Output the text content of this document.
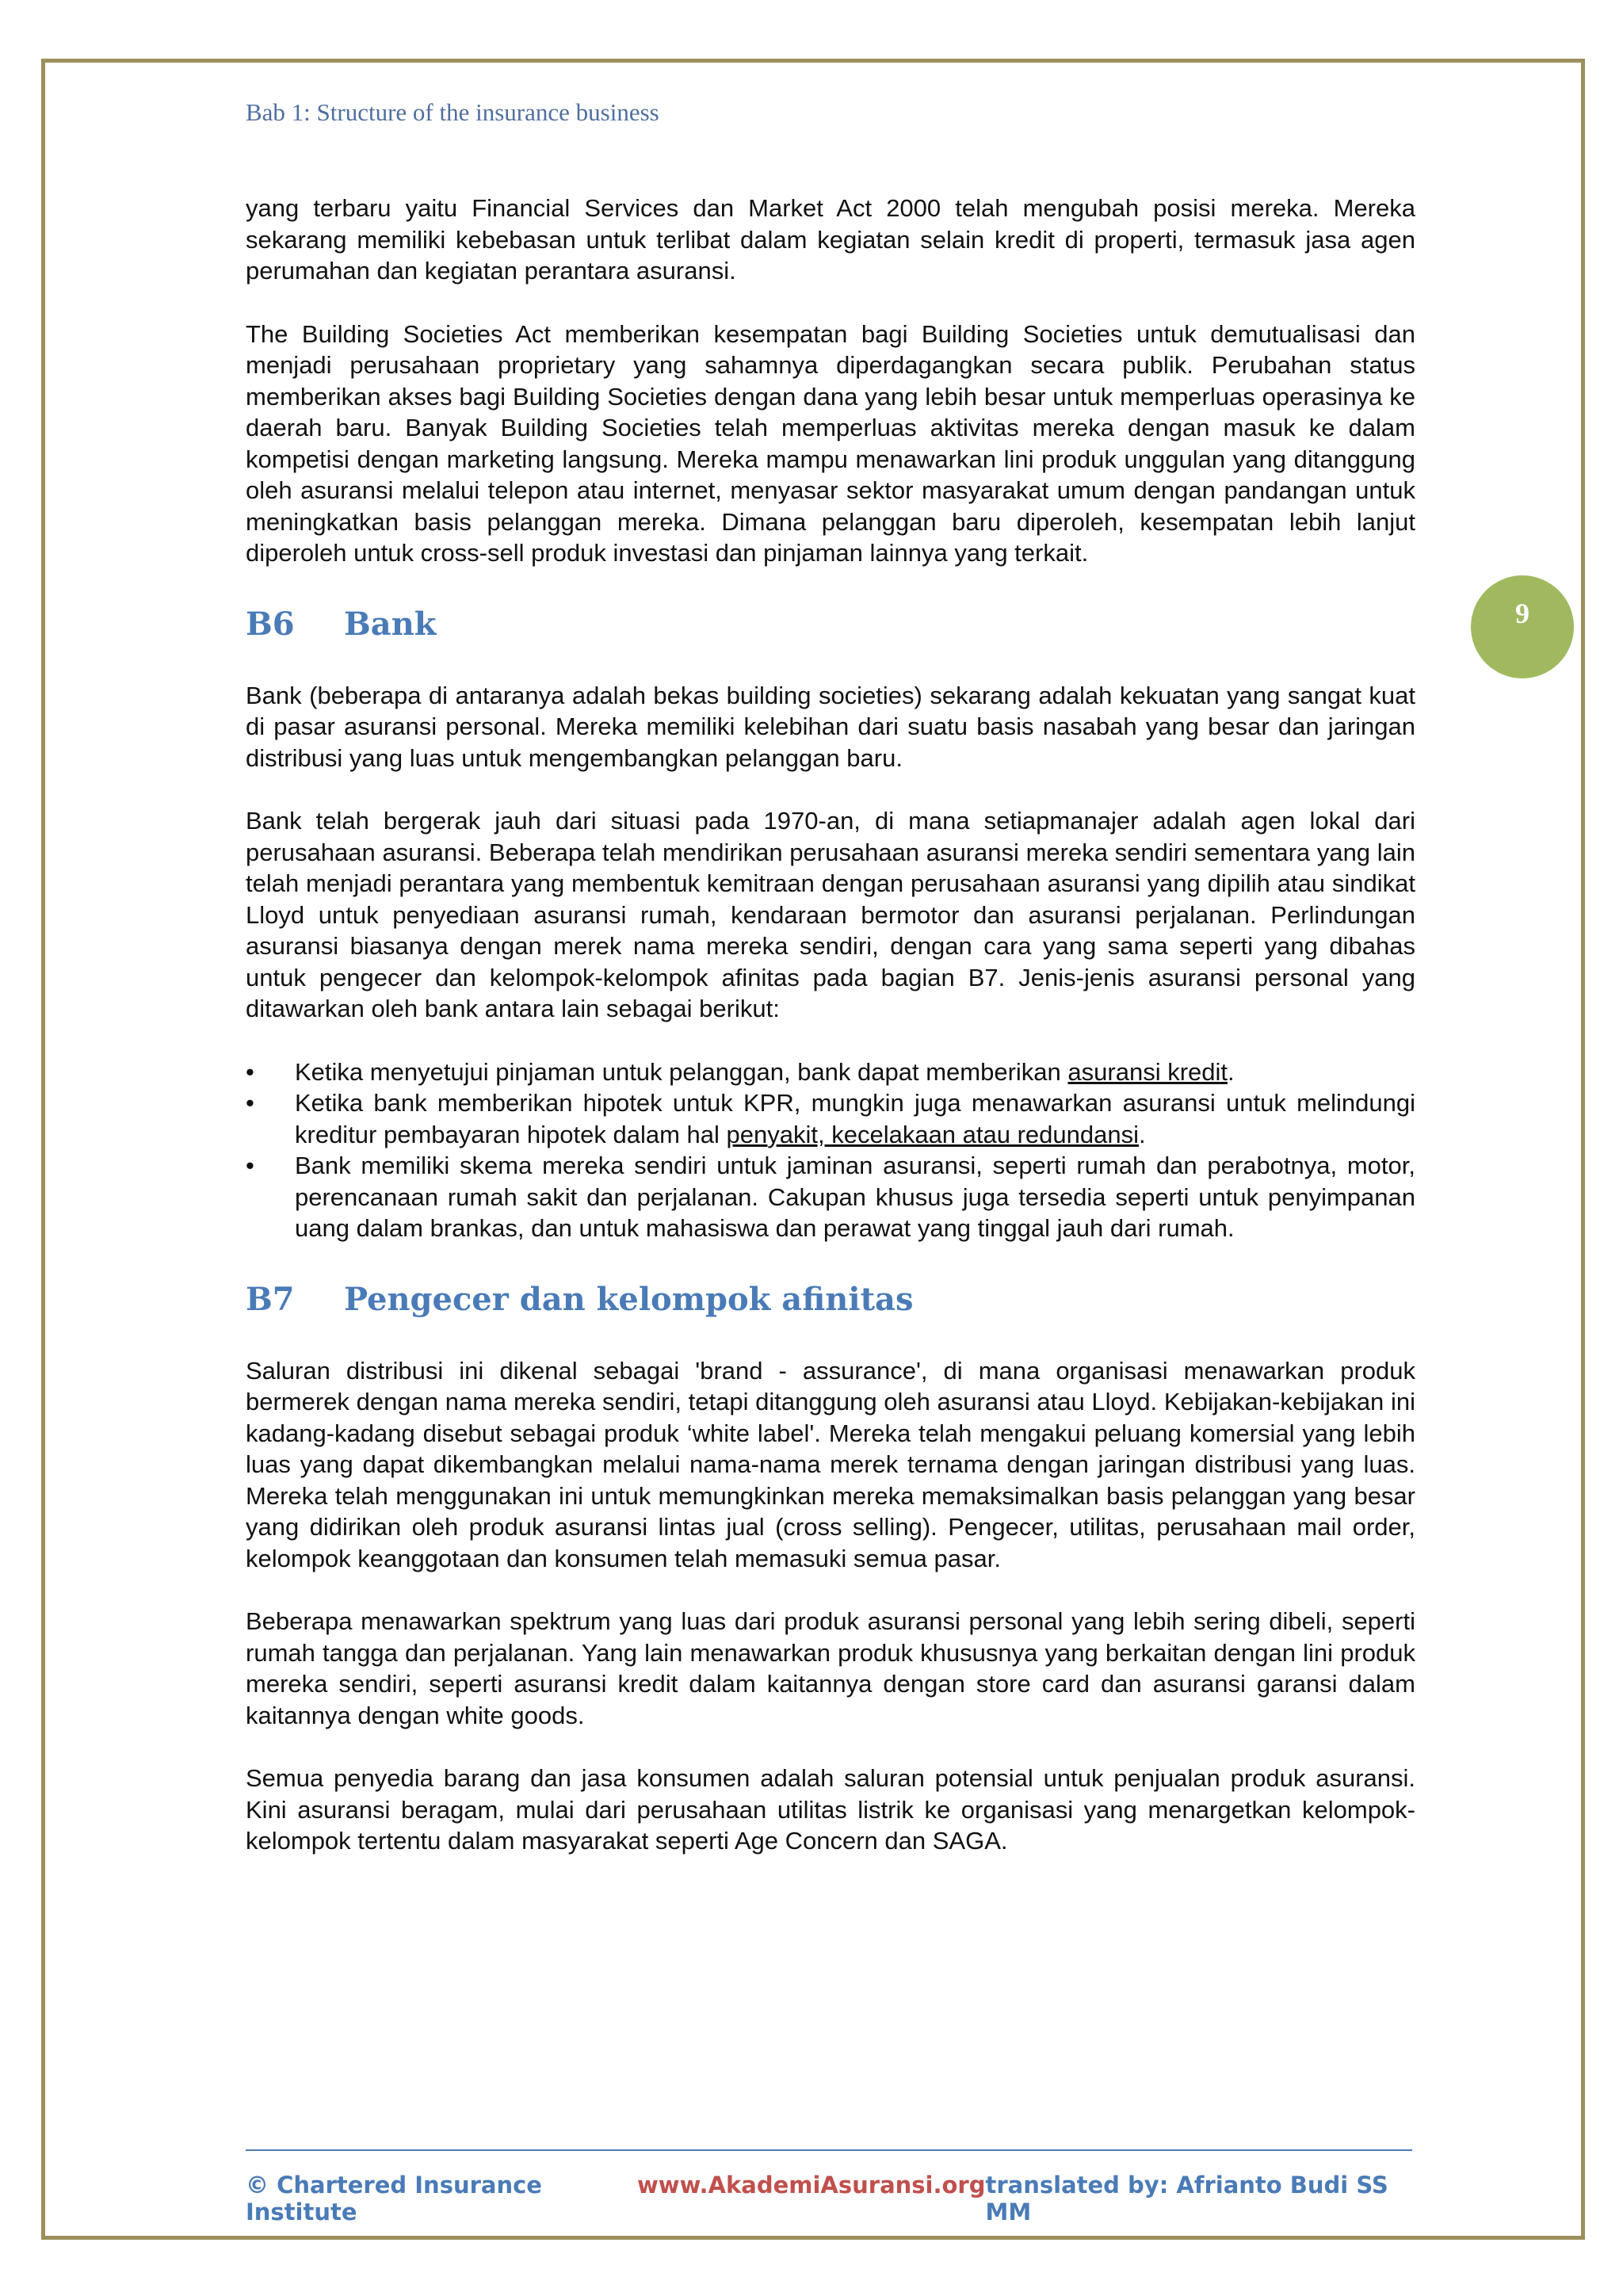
Bab 1: Structure of the insurance business
9

yang terbaru yaitu Financial Services dan Market Act 2000 telah mengubah posisi mereka. Mereka sekarang memiliki kebebasan untuk terlibat dalam kegiatan selain kredit di properti, termasuk jasa agen perumahan dan kegiatan perantara asuransi.

The Building Societies Act memberikan kesempatan bagi Building Societies untuk demutualisasi dan menjadi perusahaan proprietary yang sahamnya diperdagangkan secara publik. Perubahan status memberikan akses bagi Building Societies dengan dana yang lebih besar untuk memperluas operasinya ke daerah baru. Banyak Building Societies telah memperluas aktivitas mereka dengan masuk ke dalam kompetisi dengan marketing langsung. Mereka mampu menawarkan lini produk unggulan yang ditanggung oleh asuransi melalui telepon atau internet, menyasar sektor masyarakat umum dengan pandangan untuk meningkatkan basis pelanggan mereka. Dimana pelanggan baru diperoleh, kesempatan lebih lanjut diperoleh untuk cross-sell produk investasi dan pinjaman lainnya yang terkait.

B6 Bank

Bank (beberapa di antaranya adalah bekas building societies) sekarang adalah kekuatan yang sangat kuat di pasar asuransi personal. Mereka memiliki kelebihan dari suatu basis nasabah yang besar dan jaringan distribusi yang luas untuk mengembangkan pelanggan baru.

Bank telah bergerak jauh dari situasi pada 1970-an, di mana setiapmanajer adalah agen lokal dari perusahaan asuransi. Beberapa telah mendirikan perusahaan asuransi mereka sendiri sementara yang lain telah menjadi perantara yang membentuk kemitraan dengan perusahaan asuransi yang dipilih atau sindikat Lloyd untuk penyediaan asuransi rumah, kendaraan bermotor dan asuransi perjalanan. Perlindungan asuransi biasanya dengan merek nama mereka sendiri, dengan cara yang sama seperti yang dibahas untuk pengecer dan kelompok-kelompok afinitas pada bagian B7. Jenis-jenis asuransi personal yang ditawarkan oleh bank antara lain sebagai berikut:

• Ketika menyetujui pinjaman untuk pelanggan, bank dapat memberikan asuransi kredit.
• Ketika bank memberikan hipotek untuk KPR, mungkin juga menawarkan asuransi untuk melindungi kreditur pembayaran hipotek dalam hal penyakit, kecelakaan atau redundansi.
• Bank memiliki skema mereka sendiri untuk jaminan asuransi, seperti rumah dan perabotnya, motor, perencanaan rumah sakit dan perjalanan. Cakupan khusus juga tersedia seperti untuk penyimpanan uang dalam brankas, dan untuk mahasiswa dan perawat yang tinggal jauh dari rumah.
B7 Pengecer dan kelompok afinitas

Saluran distribusi ini dikenal sebagai 'brand - assurance', di mana organisasi menawarkan produk bermerek dengan nama mereka sendiri, tetapi ditanggung oleh asuransi atau Lloyd. Kebijakan-kebijakan ini kadang-kadang disebut sebagai produk ‘white label'. Mereka telah mengakui peluang komersial yang lebih luas yang dapat dikembangkan melalui nama-nama merek ternama dengan jaringan distribusi yang luas. Mereka telah menggunakan ini untuk memungkinkan mereka memaksimalkan basis pelanggan yang besar yang didirikan oleh produk asuransi lintas jual (cross selling). Pengecer, utilitas, perusahaan mail order, kelompok keanggotaan dan konsumen telah memasuki semua pasar.

Beberapa menawarkan spektrum yang luas dari produk asuransi personal yang lebih sering dibeli, seperti rumah tangga dan perjalanan. Yang lain menawarkan produk khususnya yang berkaitan dengan lini produk mereka sendiri, seperti asuransi kredit dalam kaitannya dengan store card dan asuransi garansi dalam kaitannya dengan white goods.

Semua penyedia barang dan jasa konsumen adalah saluran potensial untuk penjualan produk asuransi. Kini asuransi beragam, mulai dari perusahaan utilitas listrik ke organisasi yang menargetkan kelompok-kelompok tertentu dalam masyarakat seperti Age Concern dan SAGA.

© Chartered Insurance Institute
www.AkademiAsuransi.org translated by: Afrianto Budi SS MM
